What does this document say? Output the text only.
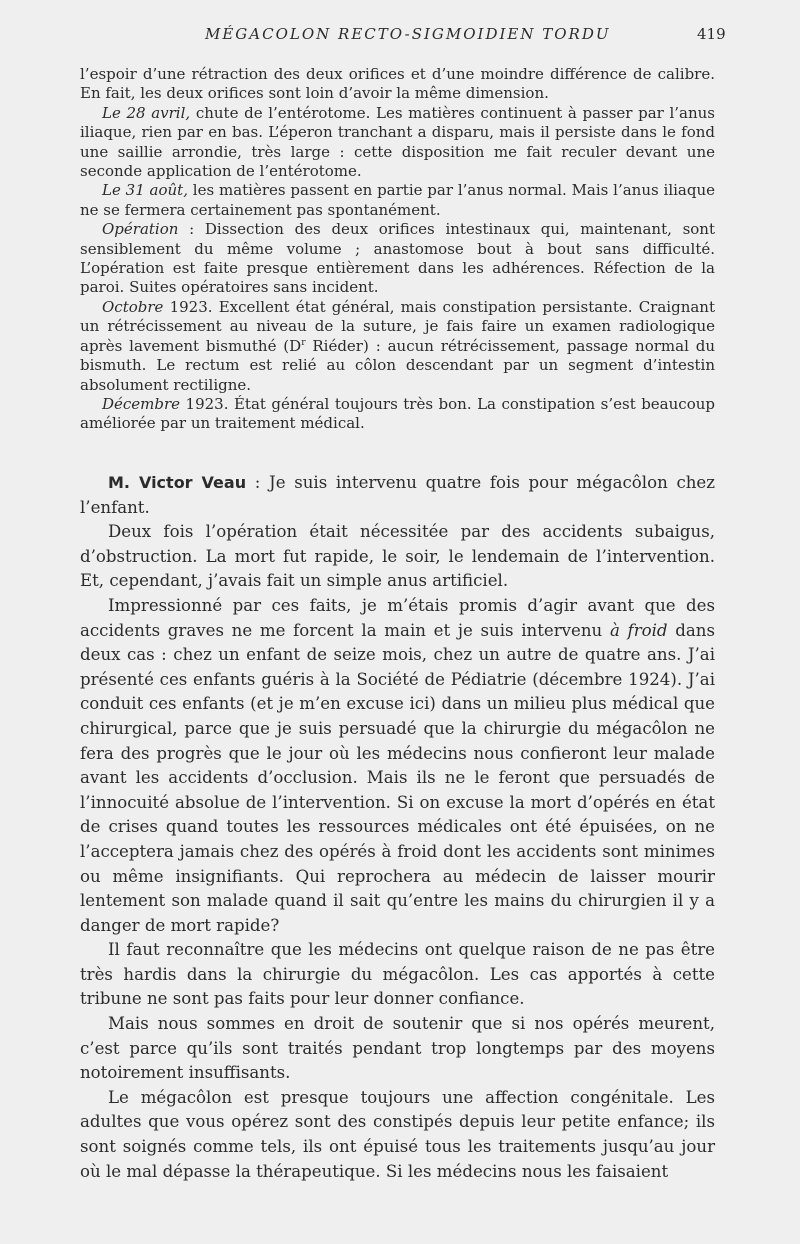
MÉGACOLON RECTO-SIGMOIDIEN TORDU	419

l’espoir d’une rétraction des deux orifices et d’une moindre différence de calibre. En fait, les deux orifices sont loin d’avoir la même dimension.

Le 28 avril, chute de l’entérotome. Les matières continuent à passer par l’anus iliaque, rien par en bas. L’éperon tranchant a disparu, mais il persiste dans le fond une saillie arrondie, très large : cette disposition me fait reculer devant une seconde application de l’entérotome.

Le 31 août, les matières passent en partie par l’anus normal. Mais l’anus iliaque ne se fermera certainement pas spontanément.

Opération : Dissection des deux orifices intestinaux qui, maintenant, sont sensiblement du même volume ; anastomose bout à bout sans difficulté. L’opération est faite presque entièrement dans les adhérences. Réfection de la paroi. Suites opératoires sans incident.

Octobre 1923. Excellent état général, mais constipation persistante. Craignant un rétrécissement au niveau de la suture, je fais faire un examen radiologique après lavement bismuthé ($D^r$ Riéder) : aucun rétrécissement, passage normal du bismuth. Le rectum est relié au côlon descendant par un segment d’intestin absolument rectiligne.

Décembre 1923. État général toujours très bon. La constipation s’est beaucoup améliorée par un traitement médical.

M. Victor Veau : Je suis intervenu quatre fois pour mégacôlon chez l’enfant.

Deux fois l’opération était nécessitée par des accidents subaigus, d’obstruction. La mort fut rapide, le soir, le lendemain de l’intervention. Et, cependant, j’avais fait un simple anus artificiel.

Impressionné par ces faits, je m’étais promis d’agir avant que des accidents graves ne me forcent la main et je suis intervenu à froid dans deux cas : chez un enfant de seize mois, chez un autre de quatre ans. J’ai présenté ces enfants guéris à la Société de Pédiatrie (décembre 1924). J’ai conduit ces enfants (et je m’en excuse ici) dans un milieu plus médical que chirurgical, parce que je suis persuadé que la chirurgie du mégacôlon ne fera des progrès que le jour où les médecins nous confieront leur malade avant les accidents d’occlusion. Mais ils ne le feront que persuadés de l’innocuité absolue de l’intervention. Si on excuse la mort d’opérés en état de crises quand toutes les ressources médicales ont été épuisées, on ne l’acceptera jamais chez des opérés à froid dont les accidents sont minimes ou même insignifiants. Qui reprochera au médecin de laisser mourir lentement son malade quand il sait qu’entre les mains du chirurgien il y a danger de mort rapide?

Il faut reconnaître que les médecins ont quelque raison de ne pas être très hardis dans la chirurgie du mégacôlon. Les cas apportés à cette tribune ne sont pas faits pour leur donner confiance.

Mais nous sommes en droit de soutenir que si nos opérés meurent, c’est parce qu’ils sont traités pendant trop longtemps par des moyens notoirement insuffisants.

Le mégacôlon est presque toujours une affection congénitale. Les adultes que vous opérez sont des constipés depuis leur petite enfance; ils sont soignés comme tels, ils ont épuisé tous les traitements jusqu’au jour où le mal dépasse la thérapeutique. Si les médecins nous les faisaient
